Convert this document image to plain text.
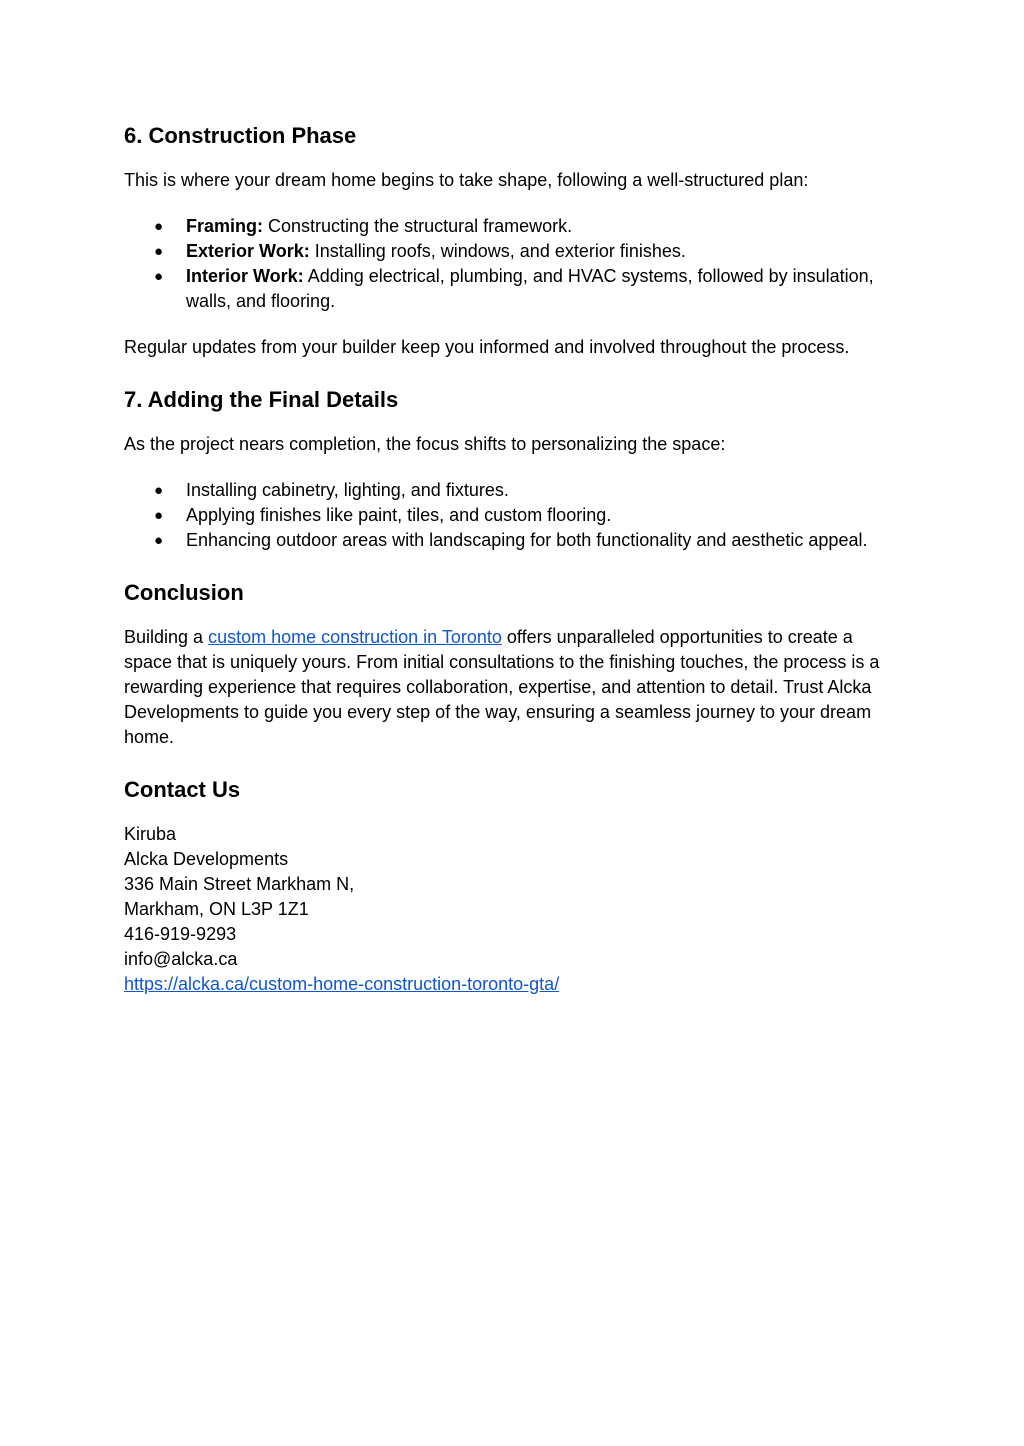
6. Construction Phase

This is where your dream home begins to take shape, following a well-structured plan:

● Framing: Constructing the structural framework.
● Exterior Work: Installing roofs, windows, and exterior finishes.
● Interior Work: Adding electrical, plumbing, and HVAC systems, followed by insulation, walls, and flooring.

Regular updates from your builder keep you informed and involved throughout the process.

7. Adding the Final Details

As the project nears completion, the focus shifts to personalizing the space:

● Installing cabinetry, lighting, and fixtures.
● Applying finishes like paint, tiles, and custom flooring.
● Enhancing outdoor areas with landscaping for both functionality and aesthetic appeal.
Conclusion

Building a custom home construction in Toronto offers unparalleled opportunities to create a space that is uniquely yours. From initial consultations to the finishing touches, the process is a rewarding experience that requires collaboration, expertise, and attention to detail. Trust Alcka Developments to guide you every step of the way, ensuring a seamless journey to your dream home.

Contact Us
Kiruba
Alcka Developments
336 Main Street Markham N,
Markham, ON L3P 1Z1
416-919-9293
info@alcka.ca
https://alcka.ca/custom-home-construction-toronto-gta/
